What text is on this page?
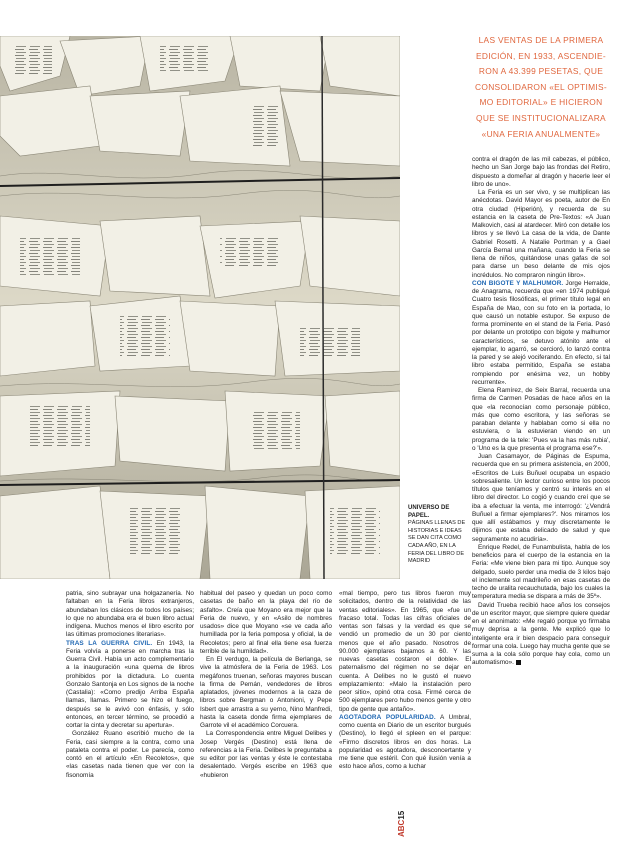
UNIVERSO DE PAPEL.
PÁGINAS LLENAS DE HISTORIAS E IDEAS SE DAN CITA COMO CADA AÑO, EN LA FERIA DEL LIBRO DE MADRID
LAS VENTAS DE LA PRIMERA EDICIÓN, EN 1933, ASCENDIE-RON A 43.399 PESETAS, QUE CONSOLIDARON «EL OPTIMIS-MO EDITORIAL» E HICIERON QUE SE INSTITUCIONALIZARA «UNA FERIA ANUALMENTE»

patria, sino subrayar una holgazanería. No faltaban en la Feria libros extranjeros, abundaban los clásicos de todos los países; lo que no abundaba era el buen libro actual indígena. Muchos menos el libro escrito por las últimas promociones literarias».

TRAS LA GUERRA CIVIL. En 1943, la Feria volvía a ponerse en marcha tras la Guerra Civil. Había un acto complementario a la inauguración «una quema de libros prohibidos por la dictadura. Lo cuenta Gonzalo Santonja en Los signos de la noche (Castalia): «Como predijo Arriba España llamas, llamas. Primero se hizo el fuego, después se le avivó con énfasis, y sólo entonces, en tercer término, se procedió a cortar la cinta y decretar su apertura».

González Ruano escribió mucho de la Feria, casi siempre a la contra, como una pataleta contra el poder. Le parecía, como contó en el artículo «En Recoletos», que «las casetas nada tienen que ver con la fisonomía

habitual del paseo y quedan un poco como casetas de baño en la playa del río de asfalto». Creía que Moyano era mejor que la Feria de nuevo, y en «Asilo de nombres usados» dice que Moyano «se ve cada año humillada por la feria pomposa y oficial, la de Recoletos; pero al final ella tiene esa fuerza terrible de la humildad».

En El verdugo, la película de Berlanga, se vive la atmósfera de la Feria de 1963. Los megáfonos truenan, señoras mayores buscan la firma de Pemán, vendedores de libros aplatados, jóvenes modernos a la caza de libros sobre Bergman o Antonioni, y Pepe Isbert que arrastra a su yerno, Nino Manfredi, hasta la caseta donde firma ejemplares de Garrote vil el académico Corcuera.

La Correspondencia entre Miguel Delibes y Josep Vergés (Destino) está llena de referencias a la Feria. Delibes le preguntaba a su editor por las ventas y éste le contestaba desalentado. Vergés escribe en 1963 que «hubieron

«mal tiempo, pero tus libros fueron muy solicitados, dentro de la relatividad de las ventas editoriales». En 1965, que «fue un fracaso total. Todas las cifras oficiales de ventas son falsas y la verdad es que se vendió un promedio de un 30 por ciento menos que el año pasado. Nosotros de 90.000 ejemplares bajamos a 60. Y las nuevas casetas costaron el doble». El paternalismo del régimen no se dejar en cuenta. A Delibes no le gustó el nuevo emplazamiento: «Malo la instalación pero peor sitio», opinó otra cosa. Firmé cerca de 500 ejemplares pero hubo menos gente y otro tipo de gente que antaño».

AGOTADORA POPULARIDAD. A Umbral, como cuenta en Diario de un escritor burgués (Destino), lo llegó el spleen en el parque: «Firmo discretos libros en dos horas. La popularidad es agotadora, desconcertante y me tiene que estéril. Con qué ilusión venía a esto hace años, como a luchar

contra el dragón de las mil cabezas, el público, hecho un San Jorge bajo las frondas del Retiro, dispuesto a domeñar al dragón y hacerle leer el libro de uno».

La Feria es un ser vivo, y se multiplican las anécdotas. David Mayor es poeta, autor de En otra ciudad (Hiperión), y recuerda de su estancia en la caseta de Pre-Textos: «A Juan Malkovich, casi al atardecer. Miró con detalle los libros y se llevó La casa de la vida, de Dante Gabriel Rosetti. A Natalie Portman y a Gael García Bernal una mañana, cuando la Feria se llena de niños, quitándose unas gafas de sol para darse un beso delante de mis ojos incrédulos. No compraron ningún libro».

CON BIGOTE Y MALHUMOR. Jorge Herralde, de Anagrama, recuerda que «en 1974 publiqué Cuatro tesis filosóficas, el primer título legal en España de Mao, con su foto en la portada, lo que causó un notable estupor. Se expuso de forma prominente en el stand de la Feria. Pasó por delante un prototipo con bigote y malhumor característicos, se detuvo atónito ante el ejemplar, lo agarró, se cercioró, lo lanzó contra la pared y se alejó vociferando. En efecto, si tal libro estaba permitido, España se estaba rompiendo por enésima vez, un hobby recurrente».

Elena Ramírez, de Seix Barral, recuerda una firma de Carmen Posadas de hace años en la que «la reconocían como personaje público, más que como escritora, y las señoras se paraban delante y hablaban como si ella no estuviera, o la estuvieran viendo en un programa de la tele: 'Pues va la has más rubia', o 'Uno es la que presenta el programa ese?'».

Juan Casamayor, de Páginas de Espuma, recuerda que en su primera asistencia, en 2000, «Escritos de Luis Buñuel ocupaba un espacio sobresaliente. Un lector curioso entre los pocos títulos que teníamos y centró su interés en el libro del director. Lo cogió y cuando creí que se iba a efectuar la venta, me interrogó: '¿Vendrá Buñuel a firmar ejemplares?'. Nos miramos los que allí estábamos y muy discretamente le dijimos que estaba delicado de salud y que seguramente no acudiría».

Enrique Redel, de Funambulista, habla de los beneficios para el cuerpo de la estancia en la Feria: «Me viene bien para mi tipo. Aunque soy delgado, suelo perder una media de 3 kilos bajo el inclemente sol madrileño en esas casetas de techo de uralita recauchutada, bajo los cuales la temperatura media se dispara a más de 35º».

David Trueba recibió hace años los consejos de un escritor mayor, que siempre quiere quedar en el anonimato: «Me regaló porque yo firmaba muy deprisa a la gente. Me explicó que lo inteligente era ir bien despacio para conseguir formar una cola. Luego hay mucha gente que se suma a la cola sólo porque hay cola, como un automatismo».

ABC15
